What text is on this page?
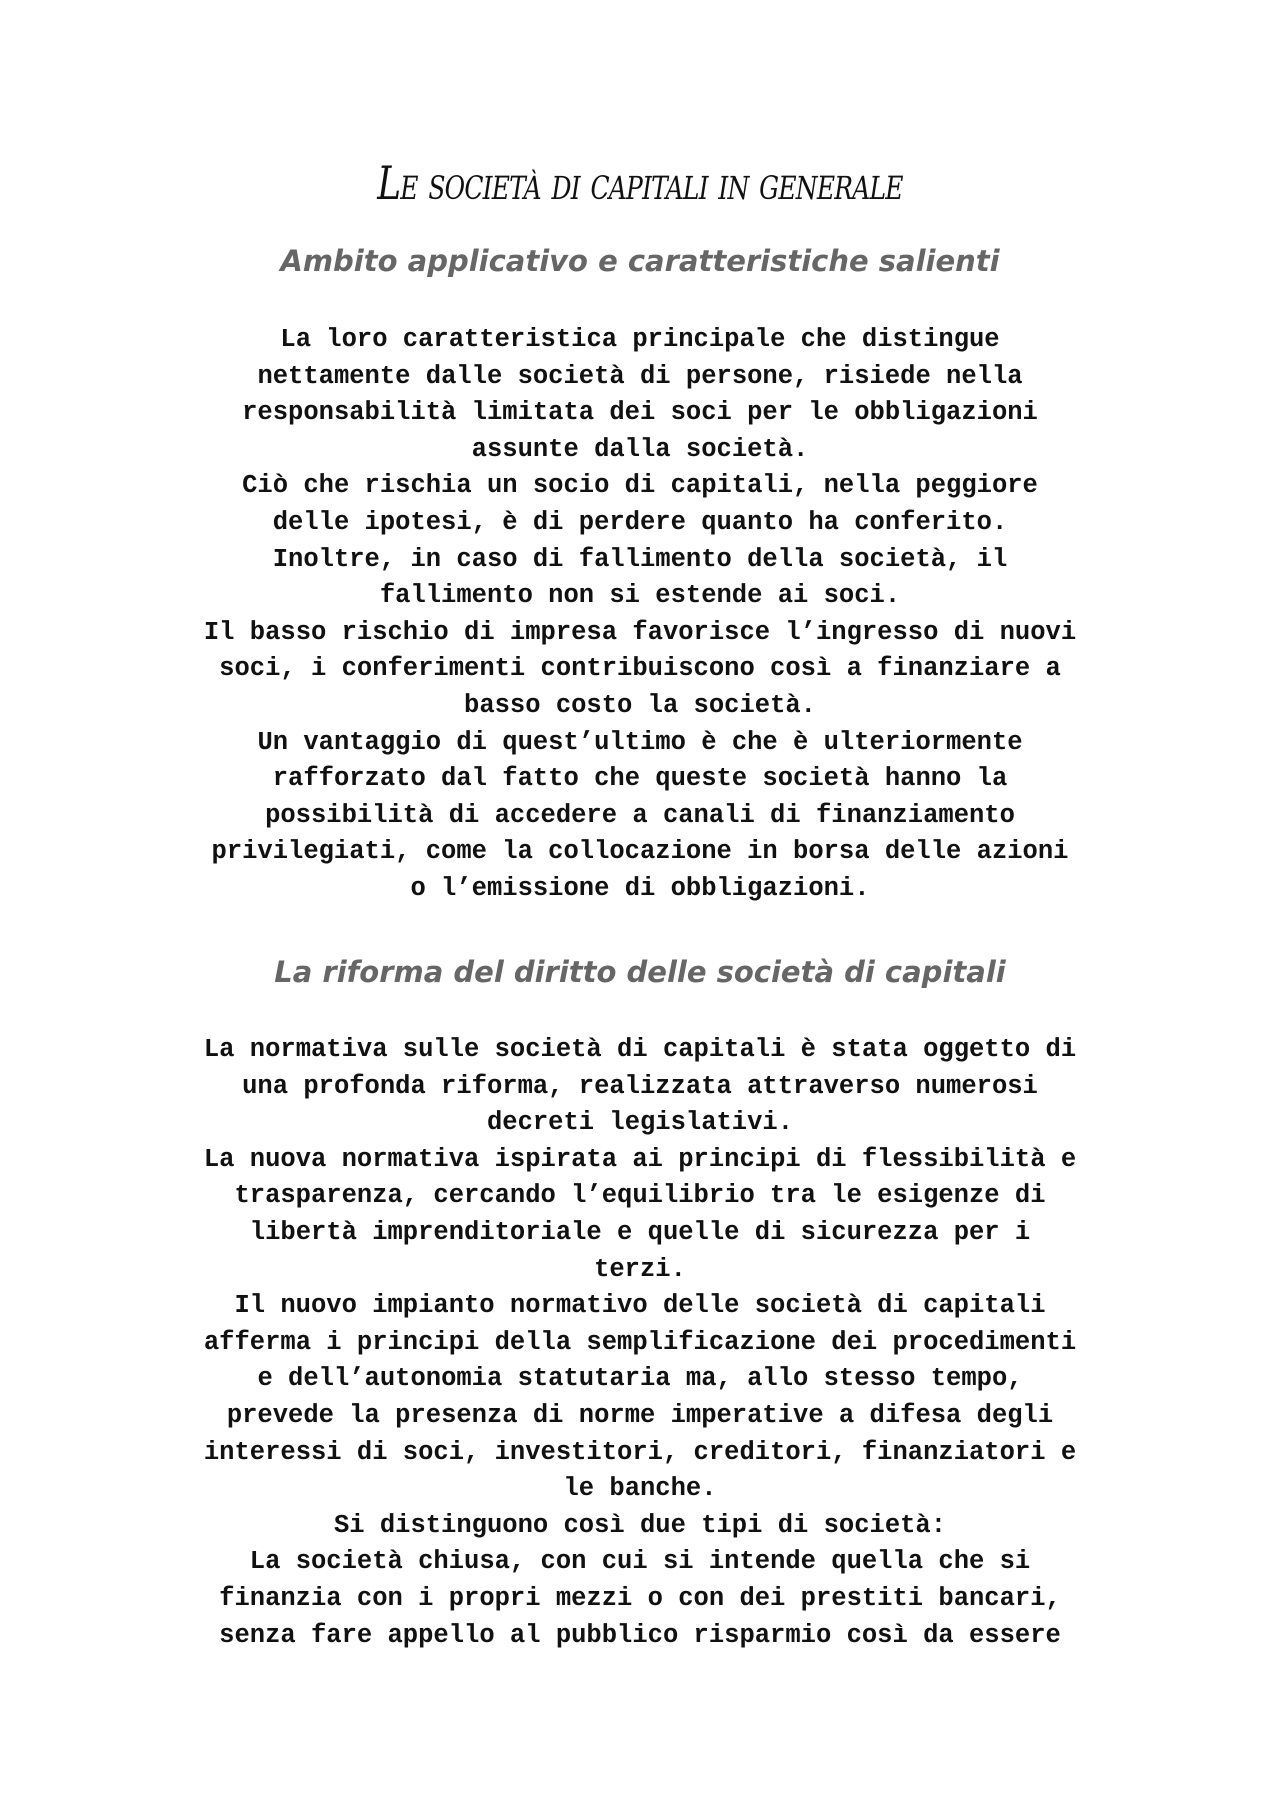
Le società di capitali in generale
Ambito applicativo e caratteristiche salienti
La loro caratteristica principale che distingue
nettamente dalle società di persone, risiede nella
responsabilità limitata dei soci per le obbligazioni
assunte dalla società.
Ciò che rischia un socio di capitali, nella peggiore
delle ipotesi, è di perdere quanto ha conferito.
Inoltre, in caso di fallimento della società, il
fallimento non si estende ai soci.
Il basso rischio di impresa favorisce l’ingresso di nuovi
soci, i conferimenti contribuiscono così a finanziare a
basso costo la società.
Un vantaggio di quest’ultimo è che è ulteriormente
rafforzato dal fatto che queste società hanno la
possibilità di accedere a canali di finanziamento
privilegiati, come la collocazione in borsa delle azioni
o l’emissione di obbligazioni.
La riforma del diritto delle società di capitali
La normativa sulle società di capitali è stata oggetto di
una profonda riforma, realizzata attraverso numerosi
decreti legislativi.
La nuova normativa ispirata ai principi di flessibilità e
trasparenza, cercando l’equilibrio tra le esigenze di
libertà imprenditoriale e quelle di sicurezza per i
terzi.
Il nuovo impianto normativo delle società di capitali
afferma i principi della semplificazione dei procedimenti
e dell’autonomia statutaria ma, allo stesso tempo,
prevede la presenza di norme imperative a difesa degli
interessi di soci, investitori, creditori, finanziatori e
le banche.
Si distinguono così due tipi di società:
La società chiusa, con cui si intende quella che si
finanzia con i propri mezzi o con dei prestiti bancari,
senza fare appello al pubblico risparmio così da essere
